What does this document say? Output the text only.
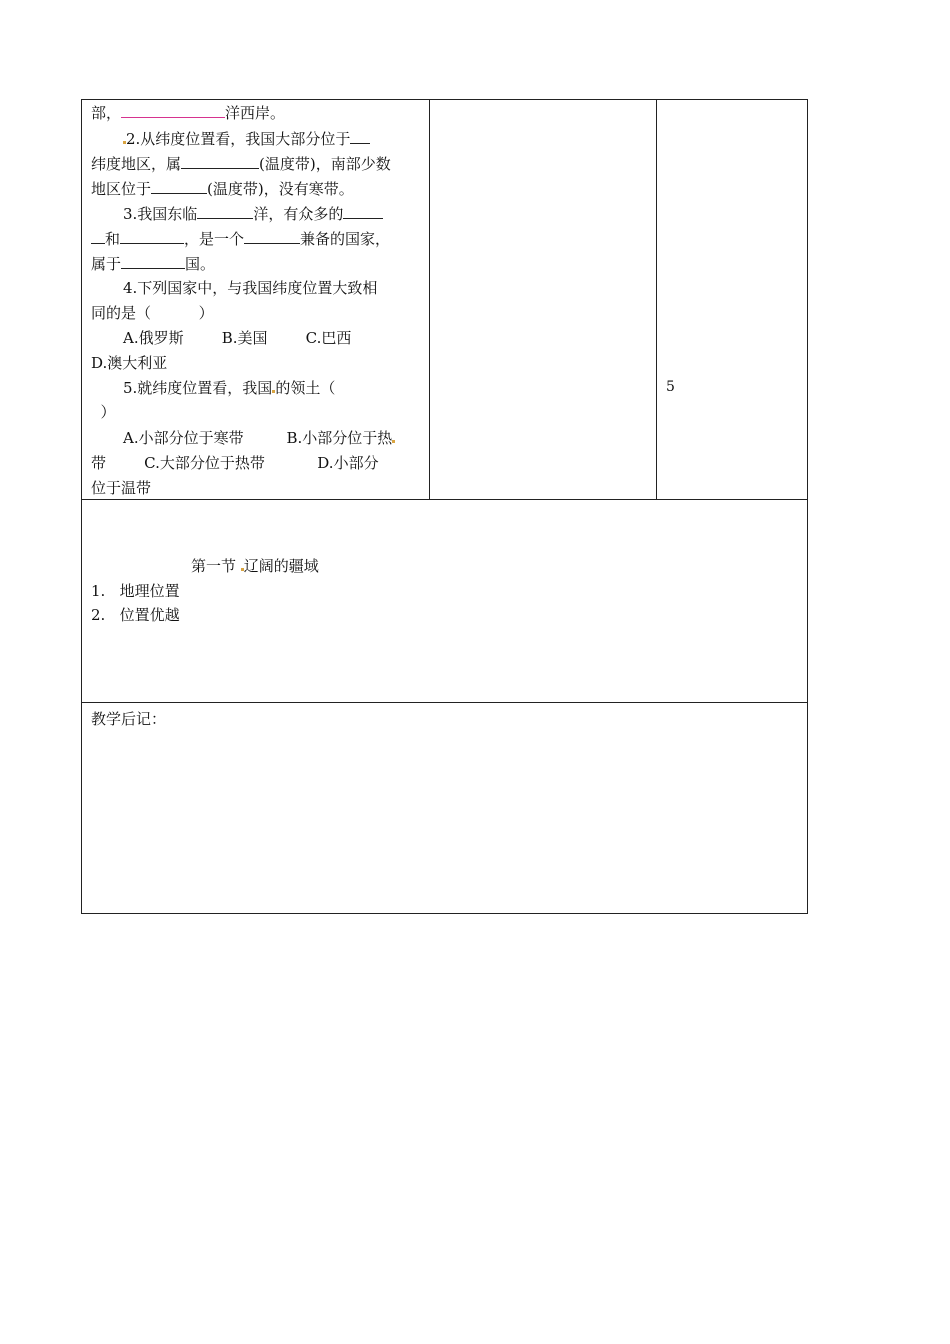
部，	洋西岸。
2.从纬度位置看，我国大部分位于
纬度地区，属	(温度带)，南部少数
地区位于	(温度带)，没有寒带。
3.我国东临	洋，有众多的
和	，是一个	兼备的国家，
属于	国。
4.下列国家中，与我国纬度位置大致相
同的是（          ）
A.俄罗斯        B.美国        C.巴西
D.澳大利亚
5.就纬度位置看，我国 的领土（
）
A.小部分位于寒带         B.小部分位于热
带        C.大部分位于热带           D.小部分
位于温带
5
第一节 辽阔的疆域
1.   地理位置
2.   位置优越
教学后记：
